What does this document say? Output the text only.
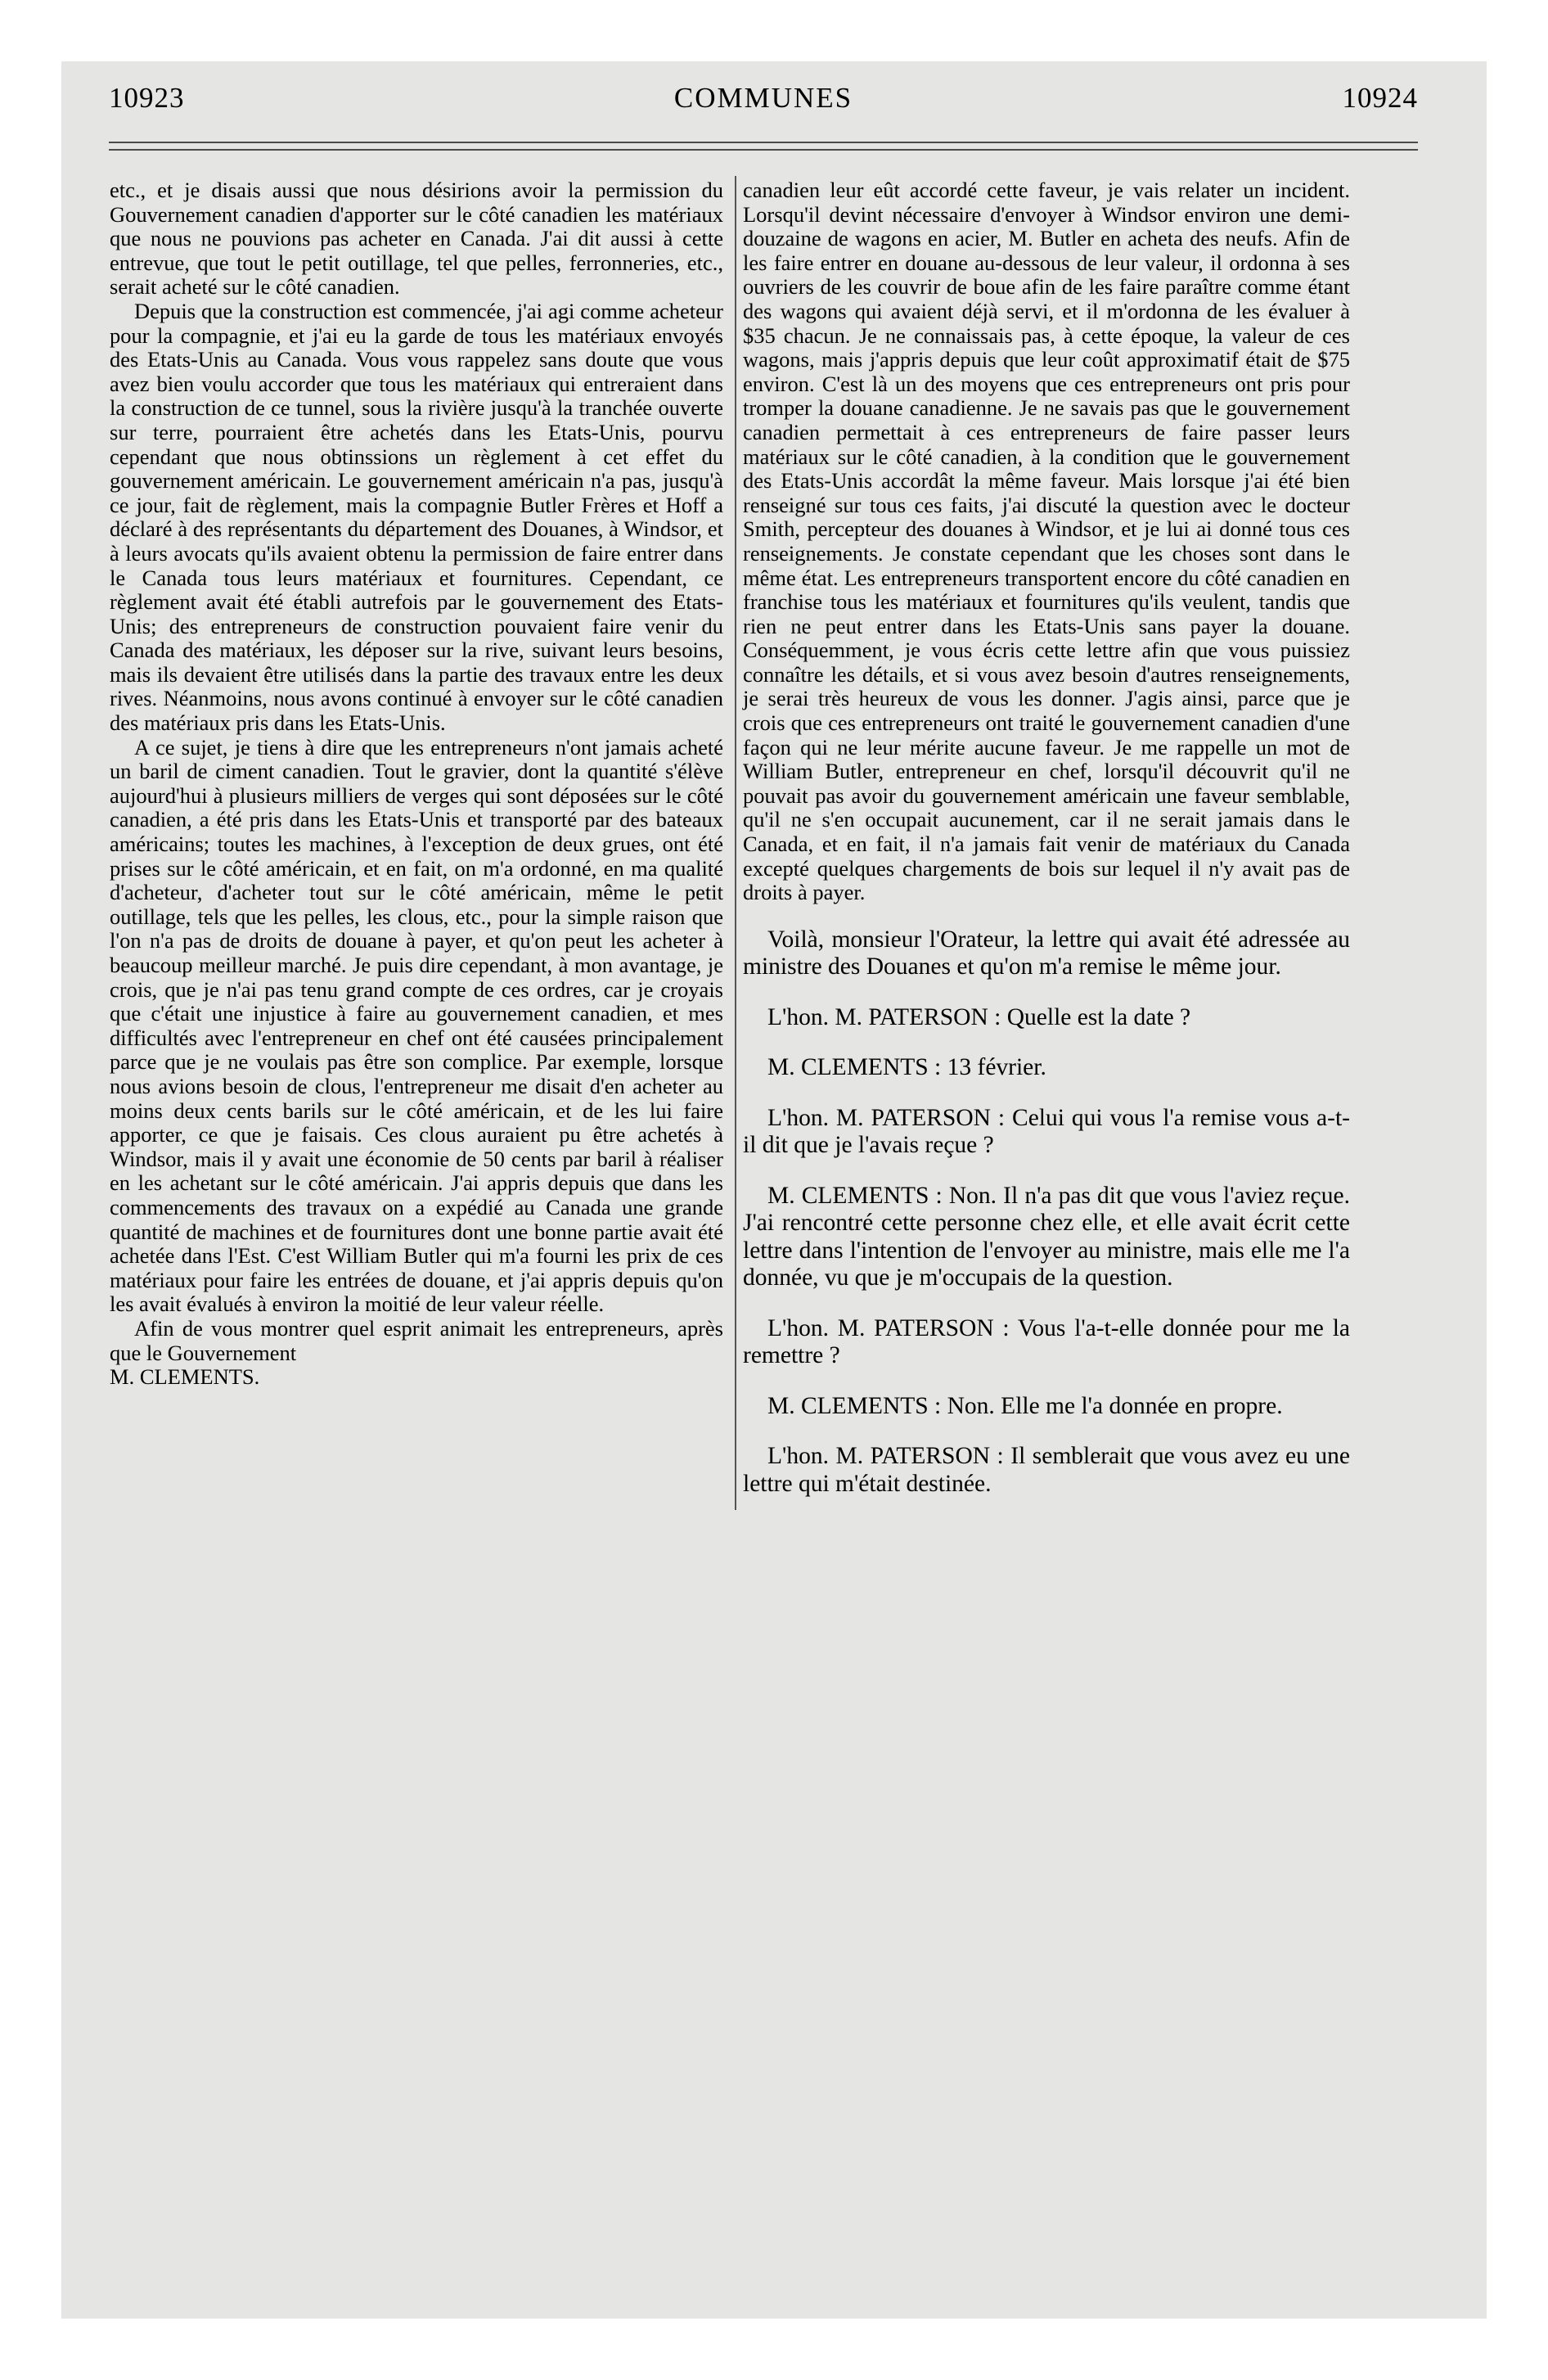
10923	COMMUNES	10924

etc., et je disais aussi que nous désirions avoir la permission du Gouvernement canadien d'apporter sur le côté canadien les matériaux que nous ne pouvions pas acheter en Canada. J'ai dit aussi à cette entrevue, que tout le petit outillage, tel que pelles, ferronneries, etc., serait acheté sur le côté canadien.

Depuis que la construction est commencée, j'ai agi comme acheteur pour la compagnie, et j'ai eu la garde de tous les matériaux envoyés des Etats-Unis au Canada. Vous vous rappelez sans doute que vous avez bien voulu accorder que tous les matériaux qui entreraient dans la construction de ce tunnel, sous la rivière jusqu'à la tranchée ouverte sur terre, pourraient être achetés dans les Etats-Unis, pourvu cependant que nous obtinssions un règlement à cet effet du gouvernement américain. Le gouvernement américain n'a pas, jusqu'à ce jour, fait de règlement, mais la compagnie Butler Frères et Hoff a déclaré à des représentants du département des Douanes, à Windsor, et à leurs avocats qu'ils avaient obtenu la permission de faire entrer dans le Canada tous leurs matériaux et fournitures. Cependant, ce règlement avait été établi autrefois par le gouvernement des Etats-Unis; des entrepreneurs de construction pouvaient faire venir du Canada des matériaux, les déposer sur la rive, suivant leurs besoins, mais ils devaient être utilisés dans la partie des travaux entre les deux rives. Néanmoins, nous avons continué à envoyer sur le côté canadien des matériaux pris dans les Etats-Unis.

A ce sujet, je tiens à dire que les entrepreneurs n'ont jamais acheté un baril de ciment canadien. Tout le gravier, dont la quantité s'élève aujourd'hui à plusieurs milliers de verges qui sont déposées sur le côté canadien, a été pris dans les Etats-Unis et transporté par des bateaux américains; toutes les machines, à l'exception de deux grues, ont été prises sur le côté américain, et en fait, on m'a ordonné, en ma qualité d'acheteur, d'acheter tout sur le côté américain, même le petit outillage, tels que les pelles, les clous, etc., pour la simple raison que l'on n'a pas de droits de douane à payer, et qu'on peut les acheter à beaucoup meilleur marché. Je puis dire cependant, à mon avantage, je crois, que je n'ai pas tenu grand compte de ces ordres, car je croyais que c'était une injustice à faire au gouvernement canadien, et mes difficultés avec l'entrepreneur en chef ont été causées principalement parce que je ne voulais pas être son complice. Par exemple, lorsque nous avions besoin de clous, l'entrepreneur me disait d'en acheter au moins deux cents barils sur le côté américain, et de les lui faire apporter, ce que je faisais. Ces clous auraient pu être achetés à Windsor, mais il y avait une économie de 50 cents par baril à réaliser en les achetant sur le côté américain. J'ai appris depuis que dans les commencements des travaux on a expédié au Canada une grande quantité de machines et de fournitures dont une bonne partie avait été achetée dans l'Est. C'est William Butler qui m'a fourni les prix de ces matériaux pour faire les entrées de douane, et j'ai appris depuis qu'on les avait évalués à environ la moitié de leur valeur réelle.

Afin de vous montrer quel esprit animait les entrepreneurs, après que le Gouvernement

M. CLEMENTS.

canadien leur eût accordé cette faveur, je vais relater un incident. Lorsqu'il devint nécessaire d'envoyer à Windsor environ une demi-douzaine de wagons en acier, M. Butler en acheta des neufs. Afin de les faire entrer en douane au-dessous de leur valeur, il ordonna à ses ouvriers de les couvrir de boue afin de les faire paraître comme étant des wagons qui avaient déjà servi, et il m'ordonna de les évaluer à $35 chacun. Je ne connaissais pas, à cette époque, la valeur de ces wagons, mais j'appris depuis que leur coût approximatif était de $75 environ. C'est là un des moyens que ces entrepreneurs ont pris pour tromper la douane canadienne. Je ne savais pas que le gouvernement canadien permettait à ces entrepreneurs de faire passer leurs matériaux sur le côté canadien, à la condition que le gouvernement des Etats-Unis accordât la même faveur. Mais lorsque j'ai été bien renseigné sur tous ces faits, j'ai discuté la question avec le docteur Smith, percepteur des douanes à Windsor, et je lui ai donné tous ces renseignements. Je constate cependant que les choses sont dans le même état. Les entrepreneurs transportent encore du côté canadien en franchise tous les matériaux et fournitures qu'ils veulent, tandis que rien ne peut entrer dans les Etats-Unis sans payer la douane. Conséquemment, je vous écris cette lettre afin que vous puissiez connaître les détails, et si vous avez besoin d'autres renseignements, je serai très heureux de vous les donner. J'agis ainsi, parce que je crois que ces entrepreneurs ont traité le gouvernement canadien d'une façon qui ne leur mérite aucune faveur. Je me rappelle un mot de William Butler, entrepreneur en chef, lorsqu'il découvrit qu'il ne pouvait pas avoir du gouvernement américain une faveur semblable, qu'il ne s'en occupait aucunement, car il ne serait jamais dans le Canada, et en fait, il n'a jamais fait venir de matériaux du Canada excepté quelques chargements de bois sur lequel il n'y avait pas de droits à payer.

Voilà, monsieur l'Orateur, la lettre qui avait été adressée au ministre des Douanes et qu'on m'a remise le même jour.

L'hon. M. PATERSON : Quelle est la date ?

M. CLEMENTS : 13 février.

L'hon. M. PATERSON : Celui qui vous l'a remise vous a-t-il dit que je l'avais reçue ?

M. CLEMENTS : Non. Il n'a pas dit que vous l'aviez reçue. J'ai rencontré cette personne chez elle, et elle avait écrit cette lettre dans l'intention de l'envoyer au ministre, mais elle me l'a donnée, vu que je m'occupais de la question.

L'hon. M. PATERSON : Vous l'a-t-elle donnée pour me la remettre ?

M. CLEMENTS : Non. Elle me l'a donnée en propre.

L'hon. M. PATERSON : Il semblerait que vous avez eu une lettre qui m'était destinée.
